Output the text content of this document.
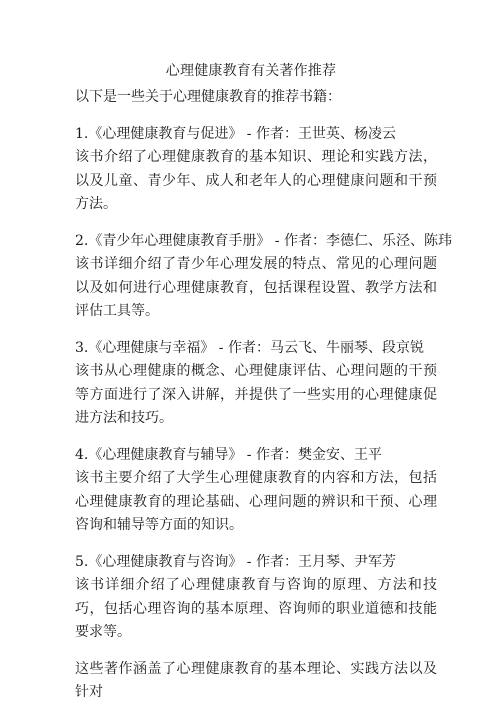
心理健康教育有关著作推荐

以下是一些关于心理健康教育的推荐书籍：

1.《心理健康教育与促进》 - 作者：王世英、杨凌云

该书介绍了心理健康教育的基本知识、理论和实践方法，以及儿童、青少年、成人和老年人的心理健康问题和干预方法。

2.《青少年心理健康教育手册》 - 作者：李德仁、乐泾、陈玮

该书详细介绍了青少年心理发展的特点、常见的心理问题以及如何进行心理健康教育，包括课程设置、教学方法和评估工具等。

3.《心理健康与幸福》 - 作者：马云飞、牛丽琴、段京锐

该书从心理健康的概念、心理健康评估、心理问题的干预等方面进行了深入讲解，并提供了一些实用的心理健康促进方法和技巧。

4.《心理健康教育与辅导》 - 作者：樊金安、王平

该书主要介绍了大学生心理健康教育的内容和方法，包括心理健康教育的理论基础、心理问题的辨识和干预、心理咨询和辅导等方面的知识。

5.《心理健康教育与咨询》 - 作者：王月琴、尹军芳

该书详细介绍了心理健康教育与咨询的原理、方法和技巧，包括心理咨询的基本原理、咨询师的职业道德和技能要求等。

这些著作涵盖了心理健康教育的基本理论、实践方法以及针对
